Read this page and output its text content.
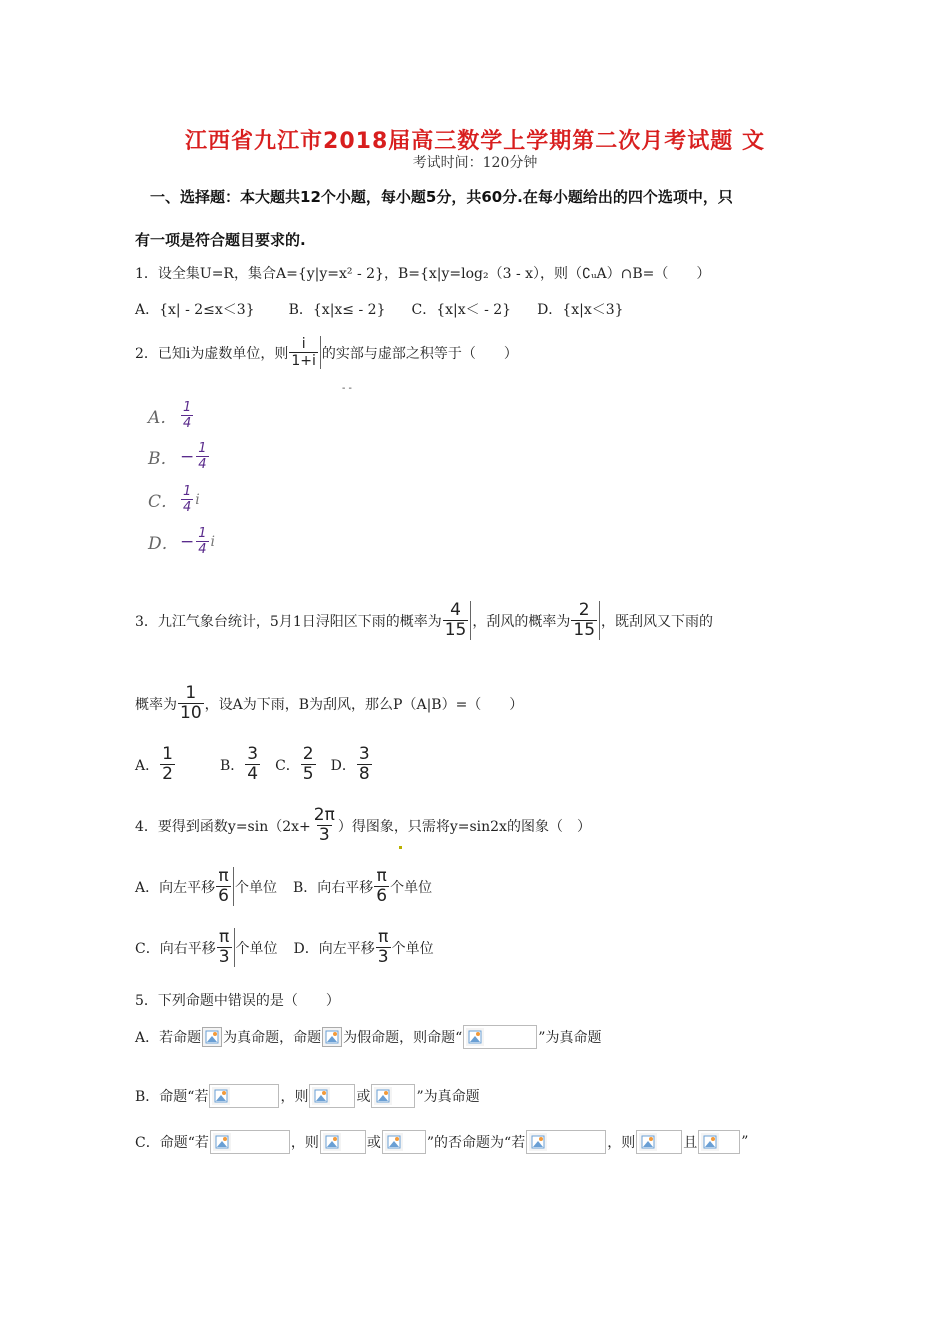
江西省九江市2018届高三数学上学期第二次月考试题 文
考试时间：120分钟
一、选择题：本大题共12个小题，每小题5分，共60分.在每小题给出的四个选项中，只
有一项是符合题目要求的.
1．设全集U=R，集合A={y|y=x² - 2}，B={x|y=log₂（3 - x），则（∁ᵤA）∩B=（　　）
A．{x| - 2≤x＜3} B．{x|x≤ - 2} C．{x|x＜ - 2} D．{x|x＜3}
2．已知i为虚数单位，则 $\frac{i}{1+i}$ 的实部与虚部之积等于（　　）
- -
A． $\frac{1}{4}$
B． − $\frac{1}{4}$
C． $\frac{1}{4}$ i
D． − $\frac{1}{4}$ i
3．九江气象台统计，5月1日浔阳区下雨的概率为 $\frac{4}{15}$ ，刮风的概率为 $\frac{2}{15}$ ，既刮风又下雨的
概率为 $\frac{1}{10}$ ，设A为下雨，B为刮风，那么P（A|B）=（　　）
A． $\frac{1}{2}$	B． $\frac{3}{4}$ C． $\frac{2}{5}$ D． $\frac{3}{8}$
4．要得到函数$y=\sin(2x+ \frac{2\pi}{3}$ ）得图象，只需将y=sin2x的图象（　）
A．向左平移 $\frac{\pi}{6}$ 个单位 B．向右平移 $\frac{\pi}{6}$ 个单位
C．向右平移 $\frac{\pi}{3}$ 个单位 D．向左平移 $\frac{\pi}{3}$ 个单位
5．下列命题中错误的是（　　）
A．若命题 为真命题，命题 为假命题，则命题“	”为真命题
B．命题“若	，则	或	”为真命题
C．命题“若	，则	或	”的否命题为“若	，则	且	”
